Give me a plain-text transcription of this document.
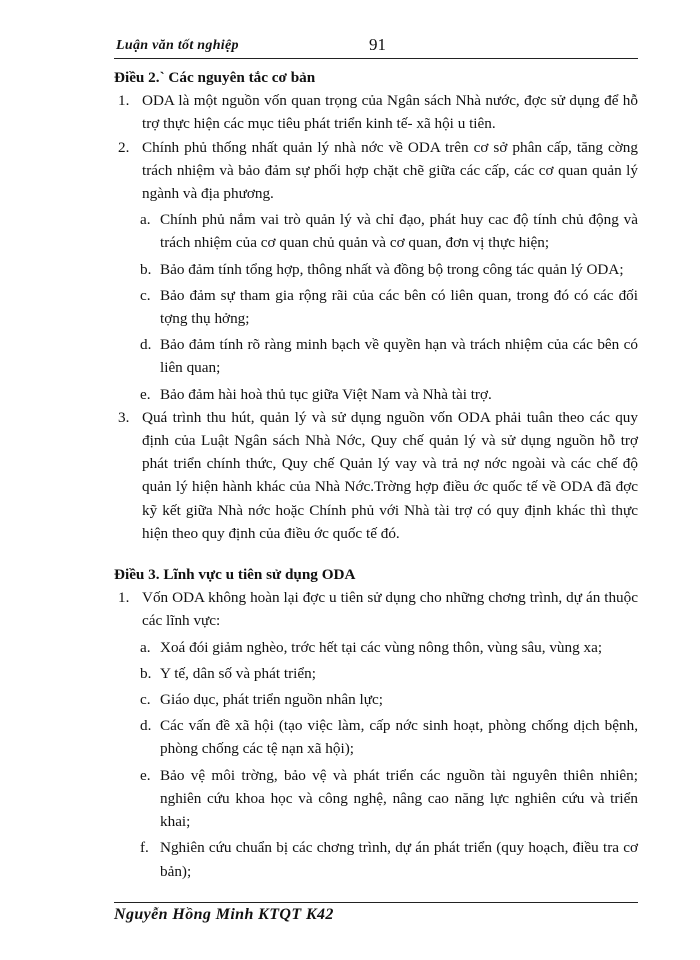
Luận văn tốt nghiệp	91

Điều 2.` Các nguyên tắc cơ bản

1. ODA là một nguồn vốn quan trọng của Ngân sách Nhà nước, đợc sử dụng để hỗ trợ thực hiện các mục tiêu phát triển kinh tế- xã hội u tiên.
2. Chính phủ thống nhất quản lý nhà nớc về ODA trên cơ sở phân cấp, tăng cờng trách nhiệm và bảo đảm sự phối hợp chặt chẽ giữa các cấp, các cơ quan quản lý ngành và địa phương.
a. Chính phủ nắm vai trò quản lý và chỉ đạo, phát huy cac độ tính chủ động và trách nhiệm của cơ quan chủ quản và cơ quan, đơn vị thực hiện;
b. Bảo đảm tính tổng hợp, thông nhất và đồng bộ trong công tác quản lý ODA;
c. Bảo đảm sự tham gia rộng rãi của các bên có liên quan, trong đó có các đối tợng thụ hởng;
d. Bảo đảm tính rõ ràng minh bạch về quyền hạn và trách nhiệm của các bên có liên quan;
e. Bảo đảm hài hoà thủ tục giữa Việt Nam và Nhà tài trợ.
3. Quá trình thu hút, quản lý và sử dụng nguồn vốn ODA phải tuân theo các quy định của Luật Ngân sách Nhà Nớc, Quy chế quản lý và sử dụng nguồn hỗ trợ phát triển chính thức, Quy chế Quản lý vay và trả nợ nớc ngoài và các chế độ quản lý hiện hành khác của Nhà Nớc.Trờng hợp điều ớc quốc tế về ODA đã đợc kỹ kết giữa Nhà nớc hoặc Chính phủ với Nhà tài trợ có quy định khác thì thực hiện theo quy định của điều ớc quốc tế đó.

Điều 3. Lĩnh vực u tiên sử dụng ODA

1. Vốn ODA không hoàn lại đợc u tiên sử dụng cho những chơng trình, dự án thuộc các lĩnh vực:
a. Xoá đói giảm nghèo, trớc hết tại các vùng nông thôn, vùng sâu, vùng xa;
b. Y tế, dân số và phát triển;
c. Giáo dục, phát triển nguồn nhân lực;
d. Các vấn đề xã hội (tạo việc làm, cấp nớc sinh hoạt, phòng chống dịch bệnh, phòng chống các tệ nạn xã hội);
e. Bảo vệ môi trờng, bảo vệ và phát triển các nguồn tài nguyên thiên nhiên; nghiên cứu khoa học và công nghệ, nâng cao năng lực nghiên cứu và triển khai;
f. Nghiên cứu chuẩn bị các chơng trình, dự án phát triển (quy hoạch, điều tra cơ bản);
Nguyễn Hồng Minh KTQT K42
